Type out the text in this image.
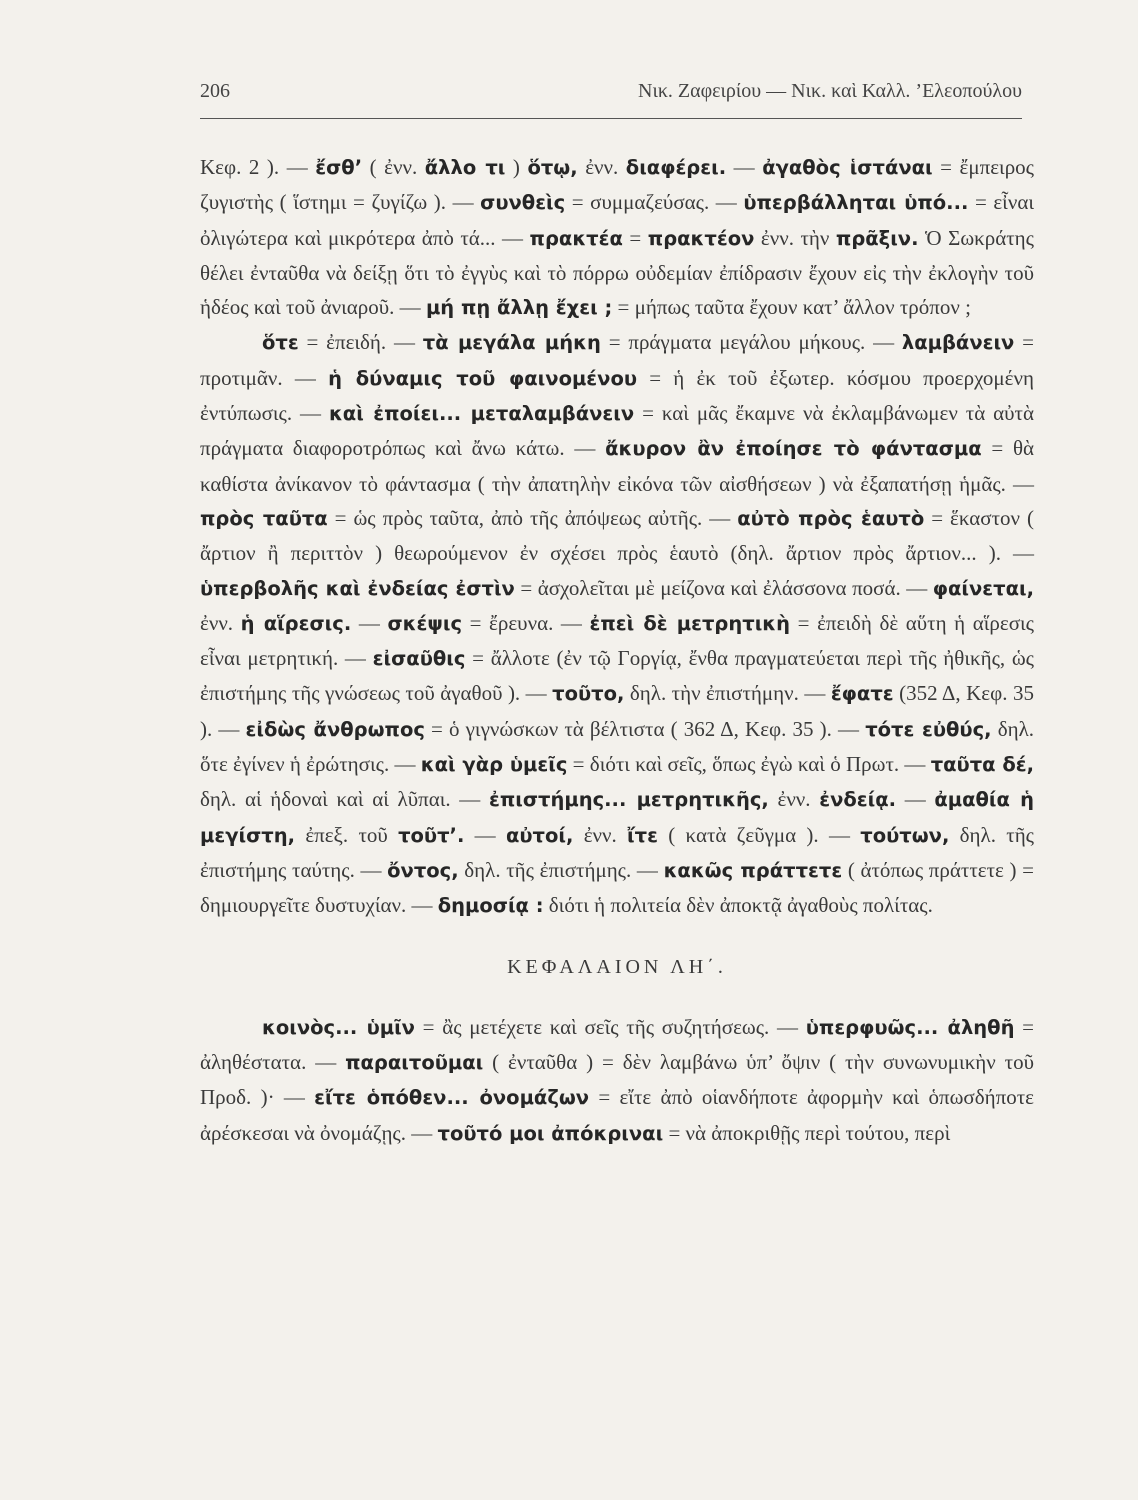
206	Νικ. Ζαφειρίου — Νικ. καὶ Καλλ. ’Ελεοπούλου

Κεφ. 2 ). — ἔσθ’ ( ἐνν. ἄλλο τι ) ὅτῳ, ἐνν. διαφέρει. — ἀγαθὸς ἱστάναι = ἔμπειρος ζυγιστὴς ( ἵστημι = ζυγίζω ). — συνθεὶς = συμμαζεύσας. — ὑπερβάλληται ὑπό... = εἶναι ὀλιγώτερα καὶ μικρότερα ἀπὸ τά... — πρακτέα = πρακτέον ἐνν. τὴν πρᾶξιν. Ὁ Σωκράτης θέλει ἐνταῦθα νὰ δείξῃ ὅτι τὸ ἐγγὺς καὶ τὸ πόρρω οὐδεμίαν ἐπίδρασιν ἔχουν εἰς τὴν ἐκλογὴν τοῦ ἡδέος καὶ τοῦ ἀνιαροῦ. — μή πῃ ἄλλῃ ἔχει ; = μήπως ταῦτα ἔχουν κατ’ ἄλλον τρόπον ;

ὅτε = ἐπειδή. — τὰ μεγάλα μήκη = πράγματα μεγάλου μήκους. — λαμβάνειν = προτιμᾶν. — ἡ δύναμις τοῦ φαινομένου = ἡ ἐκ τοῦ ἐξωτερ. κόσμου προερχομένη ἐντύπωσις. — καὶ ἐποίει... μεταλαμβάνειν = καὶ μᾶς ἔκαμνε νὰ ἐκλαμβάνωμεν τὰ αὐτὰ πράγματα διαφοροτρόπως καὶ ἄνω κάτω. — ἄκυρον ἂν ἐποίησε τὸ φάντασμα = θὰ καθίστα ἀνίκανον τὸ φάντασμα ( τὴν ἀπατηλὴν εἰκόνα τῶν αἰσθήσεων ) νὰ ἐξαπατήσῃ ἡμᾶς. — πρὸς ταῦτα = ὡς πρὸς ταῦτα, ἀπὸ τῆς ἀπόψεως αὐτῆς. — αὐτὸ πρὸς ἑαυτὸ = ἕκαστον ( ἄρτιον ἢ περιττὸν ) θεωρούμενον ἐν σχέσει πρὸς ἑαυτὸ (δηλ. ἄρτιον πρὸς ἄρτιον... ). — ὑπερβολῆς καὶ ἐνδείας ἐστὶν = ἀσχολεῖται μὲ μείζονα καὶ ἐλάσσονα ποσά. — φαίνεται, ἐνν. ἡ αἵρεσις. — σκέψις = ἔρευνα. — ἐπεὶ δὲ μετρητικὴ = ἐπειδὴ δὲ αὕτη ἡ αἵρεσις εἶναι μετρητική. — εἰσαῦθις = ἄλλοτε (ἐν τῷ Γοργίᾳ, ἔνθα πραγματεύεται περὶ τῆς ἠθικῆς, ὡς ἐπιστήμης τῆς γνώσεως τοῦ ἀγαθοῦ ). — τοῦτο, δηλ. τὴν ἐπιστήμην. — ἔφατε (352 Δ, Κεφ. 35 ). — εἰδὼς ἄνθρωπος = ὁ γιγνώσκων τὰ βέλτιστα ( 362 Δ, Κεφ. 35 ). — τότε εὐθύς, δηλ. ὅτε ἐγίνεν ἡ ἐρώτησις. — καὶ γὰρ ὑμεῖς = διότι καὶ σεῖς, ὅπως ἐγὼ καὶ ὁ Πρωτ. — ταῦτα δέ, δηλ. αἱ ἡδοναὶ καὶ αἱ λῦπαι. — ἐπιστήμης... μετρητικῆς, ἐνν. ἐνδείᾳ. — ἀμαθία ἡ μεγίστη, ἐπεξ. τοῦ τοῦτ’. — αὐτοί, ἐνν. ἴτε ( κατὰ ζεῦγμα ). — τούτων, δηλ. τῆς ἐπιστήμης ταύτης. — ὄντος, δηλ. τῆς ἐπιστήμης. — κακῶς πράττετε ( ἀτόπως πράττετε ) = δημιουργεῖτε δυστυχίαν. — δημοσίᾳ : διότι ἡ πολιτεία δὲν ἀποκτᾷ ἀγαθοὺς πολίτας.

ΚΕΦΑΛΑΙΟΝ ΛΗ΄.

κοινὸς... ὑμῖν = ἂς μετέχετε καὶ σεῖς τῆς συζητήσεως. — ὑπερφυῶς... ἀληθῆ = ἀληθέστατα. — παραιτοῦμαι ( ἐνταῦθα ) = δὲν λαμβάνω ὑπ’ ὄψιν ( τὴν συνωνυμικὴν τοῦ Προδ. )· — εἴτε ὁπόθεν... ὀνομάζων = εἴτε ἀπὸ οἱανδήποτε ἀφορμὴν καὶ ὁπωσδήποτε ἀρέσκεσαι νὰ ὀνομάζῃς. — τοῦτό μοι ἀπόκριναι = νὰ ἀποκριθῇς περὶ τούτου, περὶ
